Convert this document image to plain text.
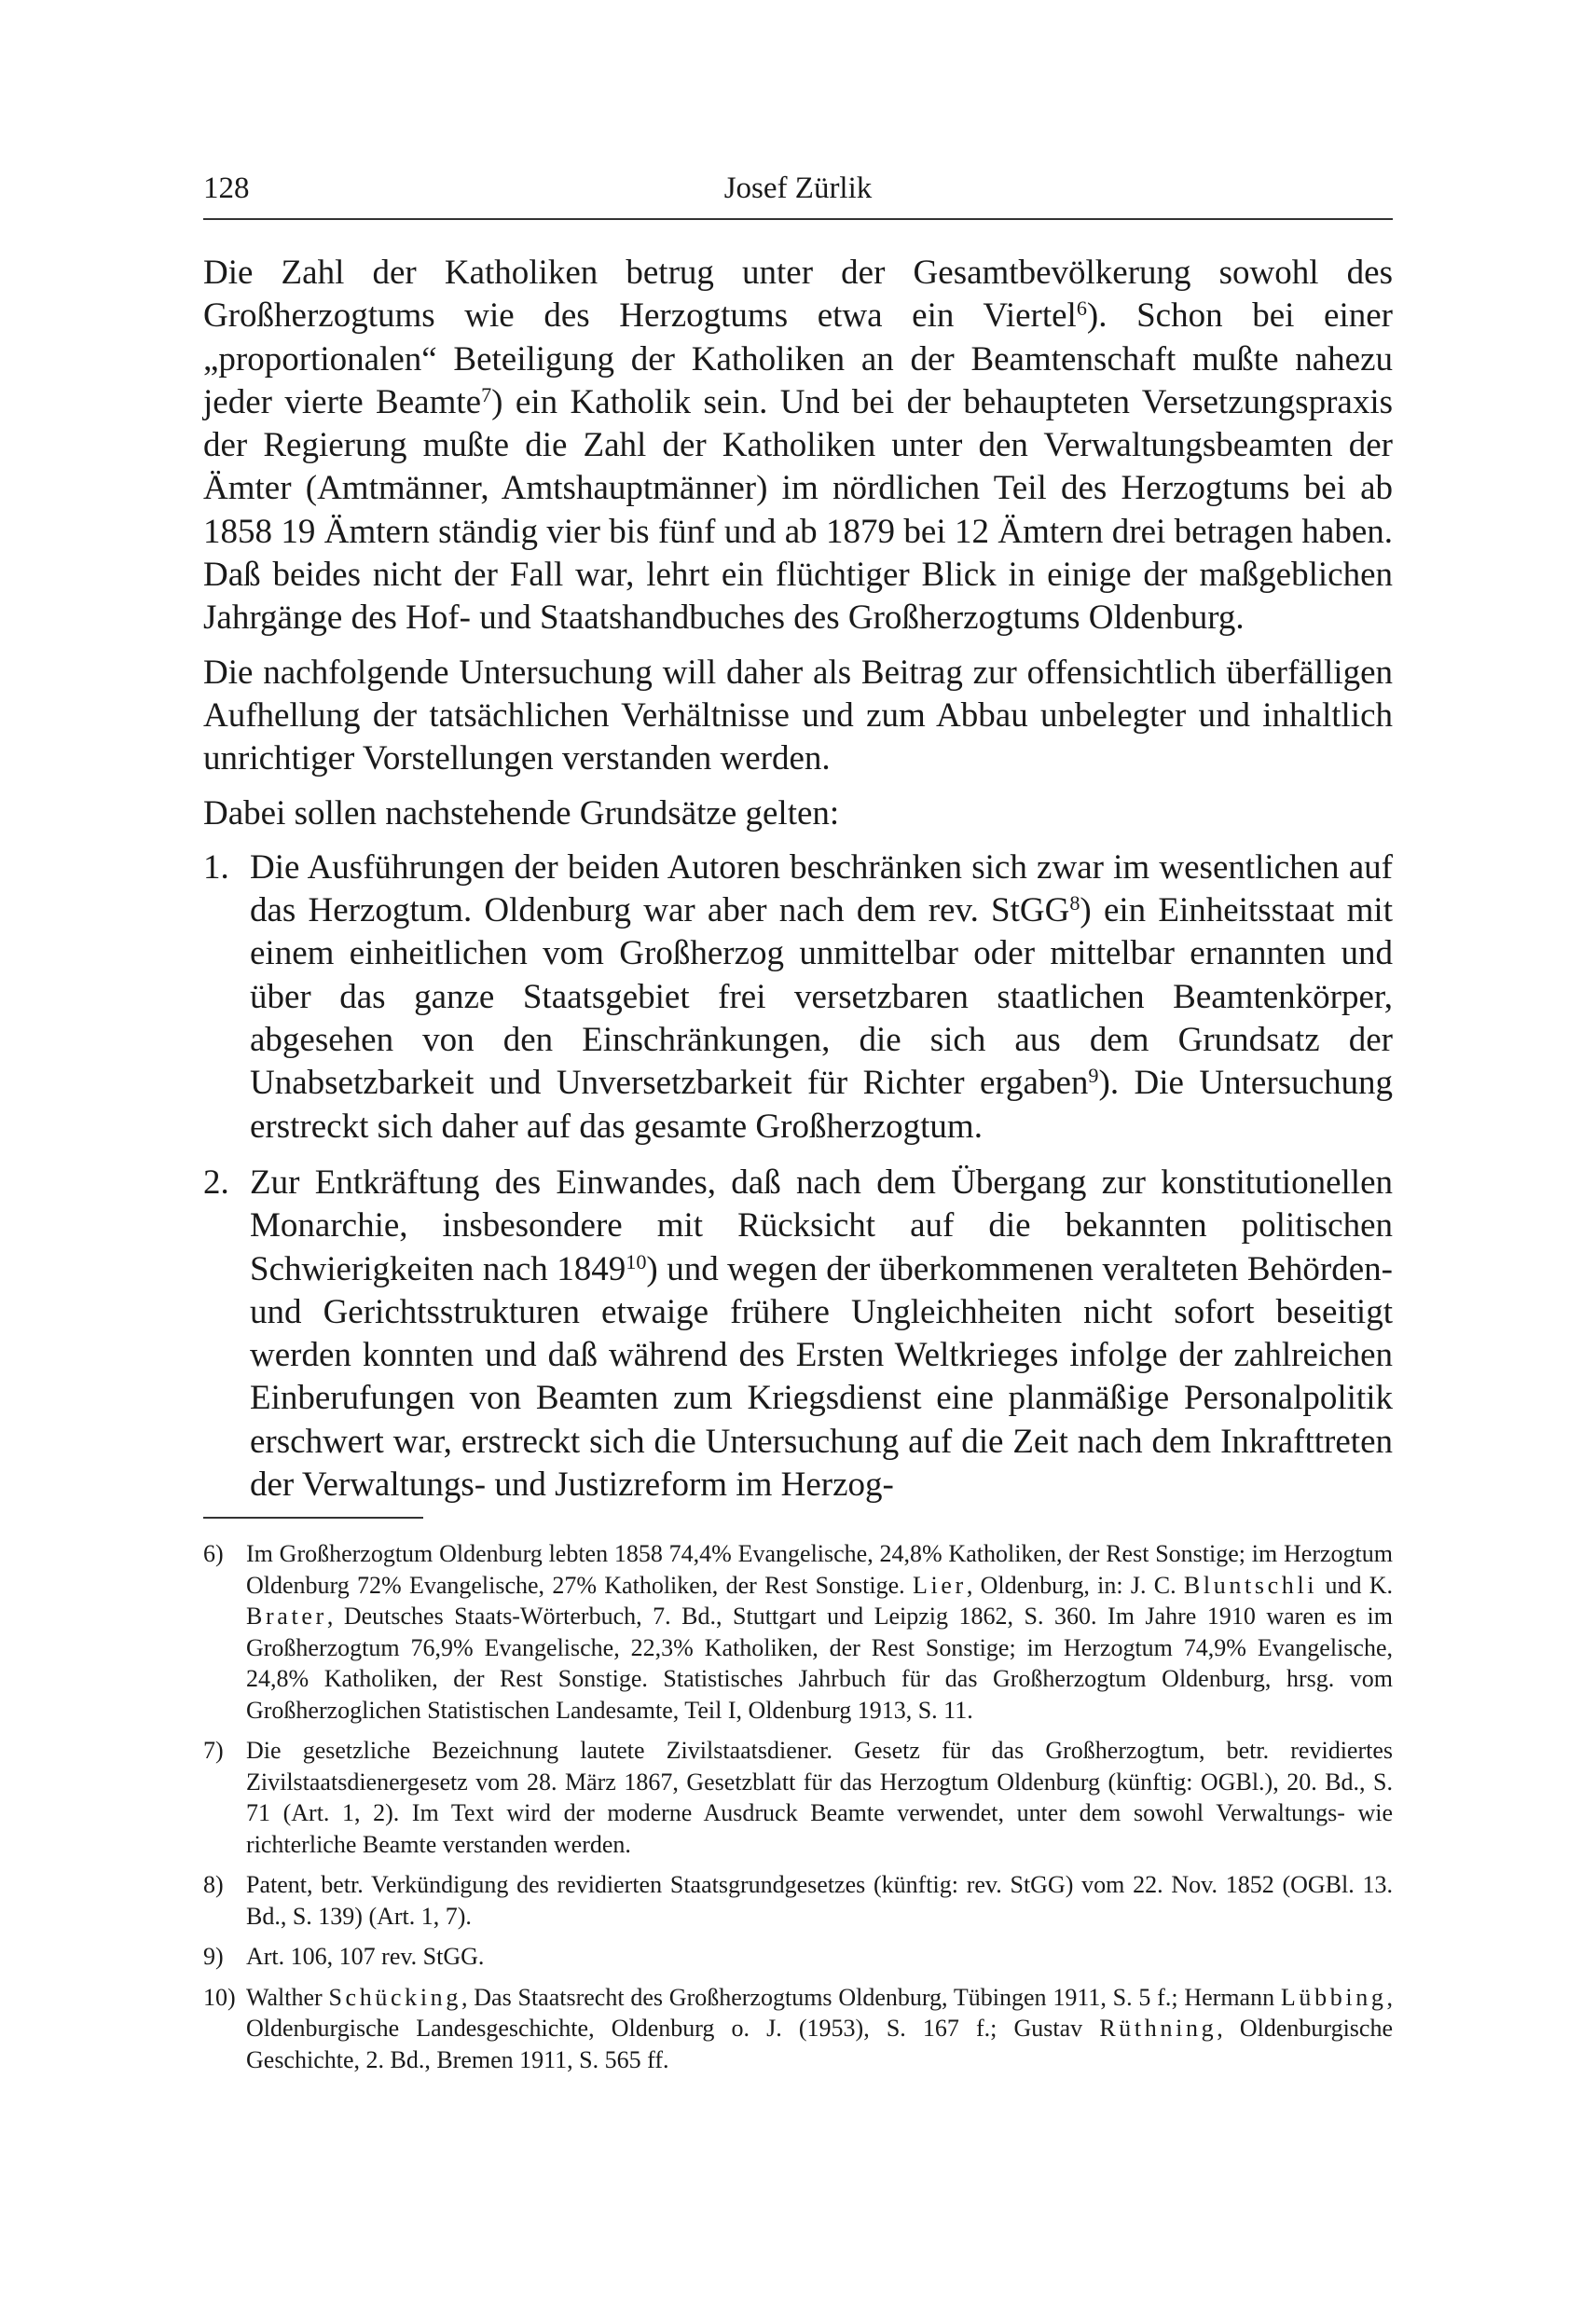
128	Josef Zürlik

Die Zahl der Katholiken betrug unter der Gesamtbevölkerung sowohl des Großherzogtums wie des Herzogtums etwa ein Viertel$^6$). Schon bei einer „proportionalen“ Beteiligung der Katholiken an der Beamtenschaft mußte nahezu jeder vierte Beamte$^7$) ein Katholik sein. Und bei der behaupteten Versetzungspraxis der Regierung mußte die Zahl der Katholiken unter den Verwaltungsbeamten der Ämter (Amtmänner, Amtshauptmänner) im nördlichen Teil des Herzogtums bei ab 1858 19 Ämtern ständig vier bis fünf und ab 1879 bei 12 Ämtern drei betragen haben. Daß beides nicht der Fall war, lehrt ein flüchtiger Blick in einige der maßgeblichen Jahrgänge des Hof- und Staatshandbuches des Großherzogtums Oldenburg.

Die nachfolgende Untersuchung will daher als Beitrag zur offensichtlich überfälligen Aufhellung der tatsächlichen Verhältnisse und zum Abbau unbelegter und inhaltlich unrichtiger Vorstellungen verstanden werden.

Dabei sollen nachstehende Grundsätze gelten:

1. Die Ausführungen der beiden Autoren beschränken sich zwar im wesentlichen auf das Herzogtum. Oldenburg war aber nach dem rev. StGG$^8$) ein Einheitsstaat mit einem einheitlichen vom Großherzog unmittelbar oder mittelbar ernannten und über das ganze Staatsgebiet frei versetzbaren staatlichen Beamtenkörper, abgesehen von den Einschränkungen, die sich aus dem Grundsatz der Unabsetzbarkeit und Unversetzbarkeit für Richter ergaben$^9$). Die Untersuchung erstreckt sich daher auf das gesamte Großherzogtum.
2. Zur Entkräftung des Einwandes, daß nach dem Übergang zur konstitutionellen Monarchie, insbesondere mit Rücksicht auf die bekannten politischen Schwierigkeiten nach 1849$^{10}$) und wegen der überkommenen veralteten Behörden- und Gerichtsstrukturen etwaige frühere Ungleichheiten nicht sofort beseitigt werden konnten und daß während des Ersten Weltkrieges infolge der zahlreichen Einberufungen von Beamten zum Kriegsdienst eine planmäßige Personalpolitik erschwert war, erstreckt sich die Untersuchung auf die Zeit nach dem Inkrafttreten der Verwaltungs- und Justizreform im Herzog-
6) Im Großherzogtum Oldenburg lebten 1858 74,4% Evangelische, 24,8% Katholiken, der Rest Sonstige; im Herzogtum Oldenburg 72% Evangelische, 27% Katholiken, der Rest Sonstige. Lier, Oldenburg, in: J. C. Bluntschli und K. Brater, Deutsches Staats-Wörterbuch, 7. Bd., Stuttgart und Leipzig 1862, S. 360. Im Jahre 1910 waren es im Großherzogtum 76,9% Evangelische, 22,3% Katholiken, der Rest Sonstige; im Herzogtum 74,9% Evangelische, 24,8% Katholiken, der Rest Sonstige. Statistisches Jahrbuch für das Großherzogtum Oldenburg, hrsg. vom Großherzoglichen Statistischen Landesamte, Teil I, Oldenburg 1913, S. 11.
7) Die gesetzliche Bezeichnung lautete Zivilstaatsdiener. Gesetz für das Großherzogtum, betr. revidiertes Zivilstaatsdienergesetz vom 28. März 1867, Gesetzblatt für das Herzogtum Oldenburg (künftig: OGBl.), 20. Bd., S. 71 (Art. 1, 2). Im Text wird der moderne Ausdruck Beamte verwendet, unter dem sowohl Verwaltungs- wie richterliche Beamte verstanden werden.
8) Patent, betr. Verkündigung des revidierten Staatsgrundgesetzes (künftig: rev. StGG) vom 22. Nov. 1852 (OGBl. 13. Bd., S. 139) (Art. 1, 7).
9) Art. 106, 107 rev. StGG.
10) Walther Schücking, Das Staatsrecht des Großherzogtums Oldenburg, Tübingen 1911, S. 5 f.; Hermann Lübbing, Oldenburgische Landesgeschichte, Oldenburg o. J. (1953), S. 167 f.; Gustav Rüthning, Oldenburgische Geschichte, 2. Bd., Bremen 1911, S. 565 ff.
